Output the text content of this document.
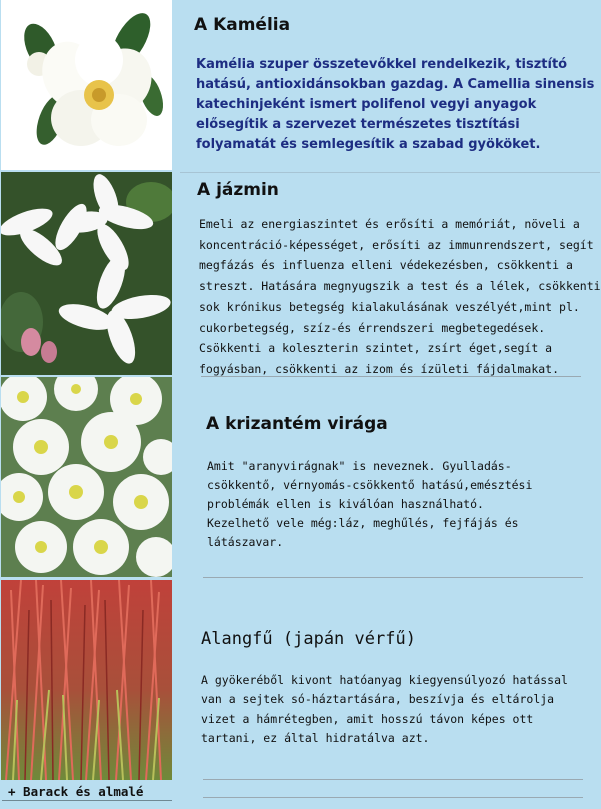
A Kamélia

Kamélia szuper összetevőkkel rendelkezik, tisztító
hatású, antioxidánsokban gazdag. A Camellia sinensis
katechinjeként ismert polifenol vegyi anyagok
elősegítik a szervezet természetes tisztítási
folyamatát és semlegesítik a szabad gyököket.

A jázmin

Emeli az energiaszintet és erősíti a memóriát, növeli a
koncentráció-képességet, erősíti az immunrendszert, segít
megfázás és influenza elleni védekezésben, csökkenti a
streszt. Hatására megnyugszik a test és a lélek, csökkenti
sok krónikus betegség kialakulásának veszélyét,mint pl.
cukorbetegség, szíz-és érrendszeri megbetegedések.
Csökkenti a koleszterin szintet, zsírt éget,segít a
fogyásban, csökkenti az izom és ízületi fájdalmakat.

A krizantém virága

Amit "aranyvirágnak" is neveznek. Gyulladás-
csökkentő, vérnyomás-csökkentő hatású,emésztési
problémák ellen is kiválóan használható.
Kezelhető vele még:láz, meghűlés, fejfájás és látászavar.

Alangfű (japán vérfű)

A gyökeréből kivont hatóanyag kiegyensúlyozó hatással
van a sejtek só-háztartására, beszívja és eltárolja
vizet a hámrétegben, amit hosszú távon képes ott
tartani, ez által hidratálva azt.

+ Barack és almalé
